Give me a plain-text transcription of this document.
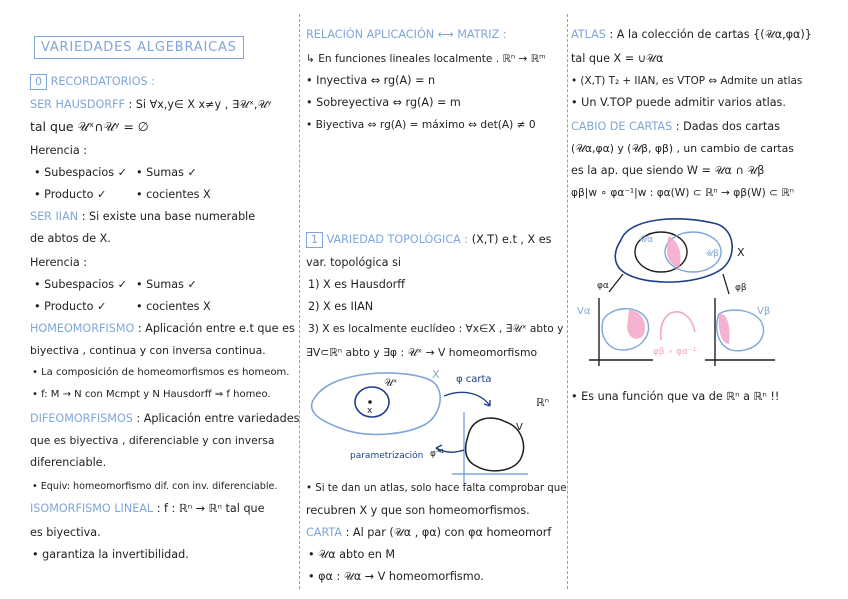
VARIEDADES ALGEBRAICAS
0 RECORDATORIOS :
SER HAUSDORFF : Si ∀x,y∈ X x≠y , ∃𝒰ˣ,𝒰ʸ
tal que 𝒰ˣ∩𝒰ʸ = ∅
Herencia :
• Subespacios ✓ • Sumas ✓
• Producto ✓	• cocientes X
SER IIAN : Si existe una base numerable
de abtos de X.
Herencia :
• Subespacios ✓ • Sumas ✓
• Producto ✓	• cocientes X
HOMEOMORFISMO : Aplicación entre e.t que es
biyectiva , continua y con inversa continua.
• La composición de homeomorfismos es homeom.
• f: M → N con Mcmpt y N Hausdorff ⇒ f homeo.
DIFEOMORFISMOS : Aplicación entre variedades
que es biyectiva , diferenciable y con inversa
diferenciable.
• Equiv: homeomorfismo dif. con inv. diferenciable.
ISOMORFISMO LINEAL : f : ℝⁿ → ℝⁿ tal que
es biyectiva.
• garantiza la invertibilidad.
RELACIÓN APLICACIÓN ⟷ MATRIZ :
↳ En funciones lineales localmente . ℝⁿ → ℝᵐ
• Inyectiva ⇔ rg(A) = n
• Sobreyectiva ⇔ rg(A) = m
• Biyectiva ⇔ rg(A) = máximo ⇔ det(A) ≠ 0
1 VARIEDAD TOPOLÓGICA : (X,T) e.t , X es
var. topológica si
1) X es Hausdorff
2) X es IIAN
3) X es localmente euclídeo : ∀x∈X , ∃𝒰ˣ abto y
∃V⊂ℝⁿ abto y ∃φ : 𝒰ˣ → V homeomorfismo
𝒰ˣ
x
X φ carta
ℝⁿ
V
parametrización φ⁻¹
• Si te dan un atlas, solo hace falta comprobar que
recubren X y que son homeomorfismos.
CARTA : Al par (𝒰α , φα) con φα homeomorf
• 𝒰α abto en M
• φα : 𝒰α → V homeomorfismo.
ATLAS : A la colección de cartas {(𝒰α,φα)}
tal que X = ∪𝒰α
• (X,T) T₂ + IIAN, es VTOP ⇔ Admite un atlas
• Un V.TOP puede admitir varios atlas.
CABIO DE CARTAS : Dadas dos cartas
(𝒰α,φα) y (𝒰β, φβ) , un cambio de cartas
es la ap. que siendo W = 𝒰α ∩ 𝒰β
φβ|w ∘ φα⁻¹|w : φα(W) ⊂ ℝⁿ → φβ(W) ⊂ ℝⁿ
𝒰α
𝒰β X
φα	φβ
Vα
φβ ∘ φα⁻¹
Vβ
• Es una función que va de ℝⁿ a ℝⁿ !!
